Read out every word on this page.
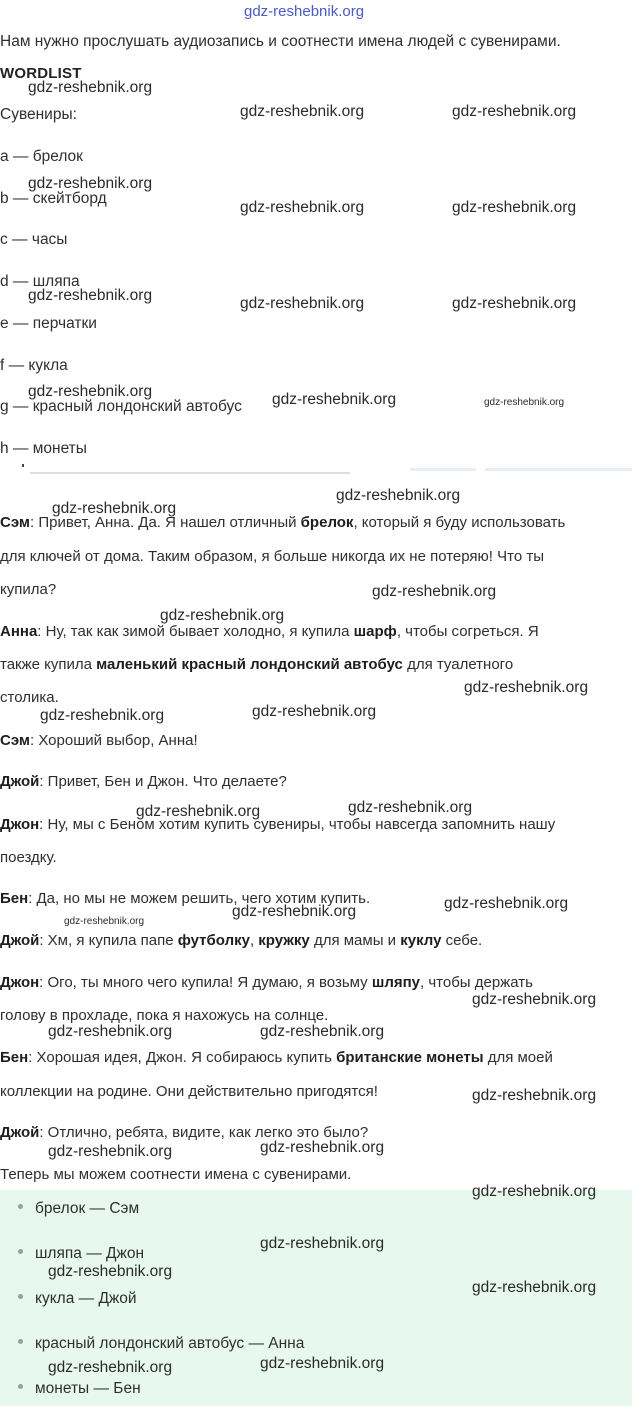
Нам нужно прослушать аудиозапись и соотнести имена людей с сувенирами.
WORDLIST
Сувениры:
a — брелок
b — скейтборд
c — часы
d — шляпа
e — перчатки
f — кукла
g — красный лондонский автобус
h — монеты
Сэм: Привет, Анна. Да. Я нашел отличный брелок, который я буду использовать
для ключей от дома. Таким образом, я больше никогда их не потеряю! Что ты
купила?
Анна: Ну, так как зимой бывает холодно, я купила шарф, чтобы согреться. Я
также купила маленький красный лондонский автобус для туалетного
столика.
Сэм: Хороший выбор, Анна!
Джой: Привет, Бен и Джон. Что делаете?
Джон: Ну, мы с Беном хотим купить сувениры, чтобы навсегда запомнить нашу
поездку.
Бен: Да, но мы не можем решить, чего хотим купить.
Джой: Хм, я купила папе футболку, кружку для мамы и куклу себе.
Джон: Ого, ты много чего купила! Я думаю, я возьму шляпу, чтобы держать
голову в прохладе, пока я нахожусь на солнце.
Бен: Хорошая идея, Джон. Я собираюсь купить британские монеты для моей
коллекции на родине. Они действительно пригодятся!
Джой: Отлично, ребята, видите, как легко это было?
Теперь мы можем соотнести имена с сувенирами.
брелок — Сэм
шляпа — Джон
кукла — Джой
красный лондонский автобус — Анна
монеты — Бен
gdz-reshebnik.org
gdz-reshebnik.org
gdz-reshebnik.org	gdz-reshebnik.org
gdz-reshebnik.org
gdz-reshebnik.org	gdz-reshebnik.org
gdz-reshebnik.org	gdz-reshebnik.org	gdz-reshebnik.org
gdz-reshebnik.org	gdz-reshebnik.org	gdz-reshebnik.org
gdz-reshebnik.org
gdz-reshebnik.org
gdz-reshebnik.org
gdz-reshebnik.org
gdz-reshebnik.org
gdz-reshebnik.org
gdz-reshebnik.org
gdz-reshebnik.org
gdz-reshebnik.org
gdz-reshebnik.org
gdz-reshebnik.org
gdz-reshebnik.org
gdz-reshebnik.org
gdz-reshebnik.org	gdz-reshebnik.org
gdz-reshebnik.org
gdz-reshebnik.org
gdz-reshebnik.org
gdz-reshebnik.org
gdz-reshebnik.org
gdz-reshebnik.org
gdz-reshebnik.org
gdz-reshebnik.org
gdz-reshebnik.org
